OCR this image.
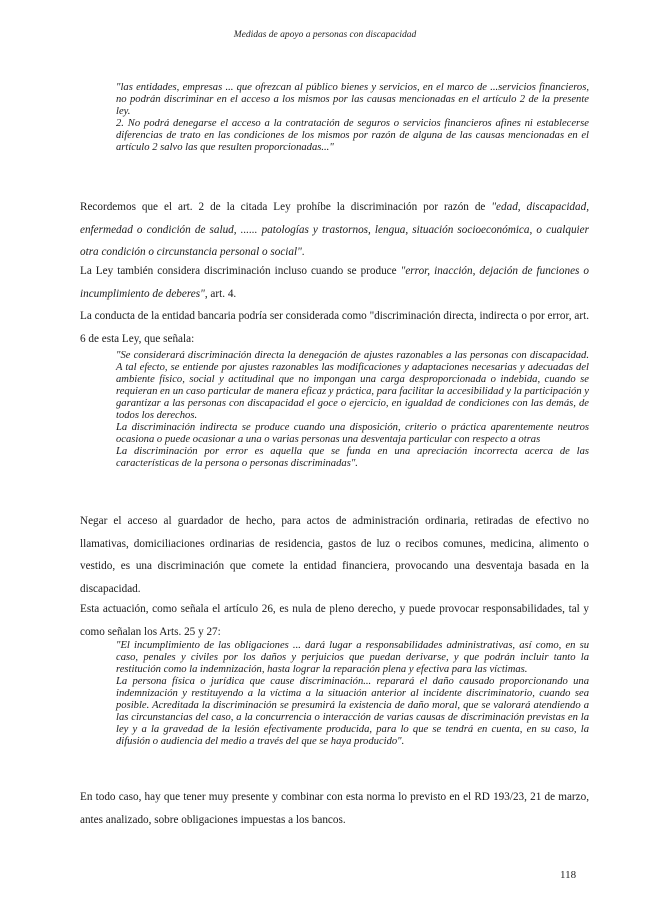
Medidas de apoyo a personas con discapacidad

"las entidades, empresas ... que ofrezcan al público bienes y servicios, en el marco de ...servicios financieros, no podrán discriminar en el acceso a los mismos por las causas mencionadas en el artículo 2 de la presente ley.

2. No podrá denegarse el acceso a la contratación de seguros o servicios financieros afines ni establecerse diferencias de trato en las condiciones de los mismos por razón de alguna de las causas mencionadas en el artículo 2 salvo las que resulten proporcionadas..."

Recordemos que el art. 2 de la citada Ley prohíbe la discriminación por razón de "edad, discapacidad, enfermedad o condición de salud, ...... patologías y trastornos, lengua, situación socioeconómica, o cualquier otra condición o circunstancia personal o social".

La Ley también considera discriminación incluso cuando se produce "error, inacción, dejación de funciones o incumplimiento de deberes", art. 4.

La conducta de la entidad bancaria podría ser considerada como "discriminación directa, indirecta o por error, art. 6 de esta Ley, que señala:

"Se considerará discriminación directa la denegación de ajustes razonables a las personas con discapacidad. A tal efecto, se entiende por ajustes razonables las modificaciones y adaptaciones necesarias y adecuadas del ambiente físico, social y actitudinal que no impongan una carga desproporcionada o indebida, cuando se requieran en un caso particular de manera eficaz y práctica, para facilitar la accesibilidad y la participación y garantizar a las personas con discapacidad el goce o ejercicio, en igualdad de condiciones con las demás, de todos los derechos.

La discriminación indirecta se produce cuando una disposición, criterio o práctica aparentemente neutros ocasiona o puede ocasionar a una o varias personas una desventaja particular con respecto a otras

La discriminación por error es aquella que se funda en una apreciación incorrecta acerca de las características de la persona o personas discriminadas".

Negar el acceso al guardador de hecho, para actos de administración ordinaria, retiradas de efectivo no llamativas, domiciliaciones ordinarias de residencia, gastos de luz o recibos comunes, medicina, alimento o vestido, es una discriminación que comete la entidad financiera, provocando una desventaja basada en la discapacidad.

Esta actuación, como señala el artículo 26, es nula de pleno derecho, y puede provocar responsabilidades, tal y como señalan los Arts. 25 y 27:

"El incumplimiento de las obligaciones ... dará lugar a responsabilidades administrativas, así como, en su caso, penales y civiles por los daños y perjuicios que puedan derivarse, y que podrán incluir tanto la restitución como la indemnización, hasta lograr la reparación plena y efectiva para las víctimas.

La persona física o jurídica que cause discriminación... reparará el daño causado proporcionando una indemnización y restituyendo a la víctima a la situación anterior al incidente discriminatorio, cuando sea posible. Acreditada la discriminación se presumirá la existencia de daño moral, que se valorará atendiendo a las circunstancias del caso, a la concurrencia o interacción de varias causas de discriminación previstas en la ley y a la gravedad de la lesión efectivamente producida, para lo que se tendrá en cuenta, en su caso, la difusión o audiencia del medio a través del que se haya producido".

En todo caso, hay que tener muy presente y combinar con esta norma lo previsto en el RD 193/23, 21 de marzo, antes analizado, sobre obligaciones impuestas a los bancos.

118
